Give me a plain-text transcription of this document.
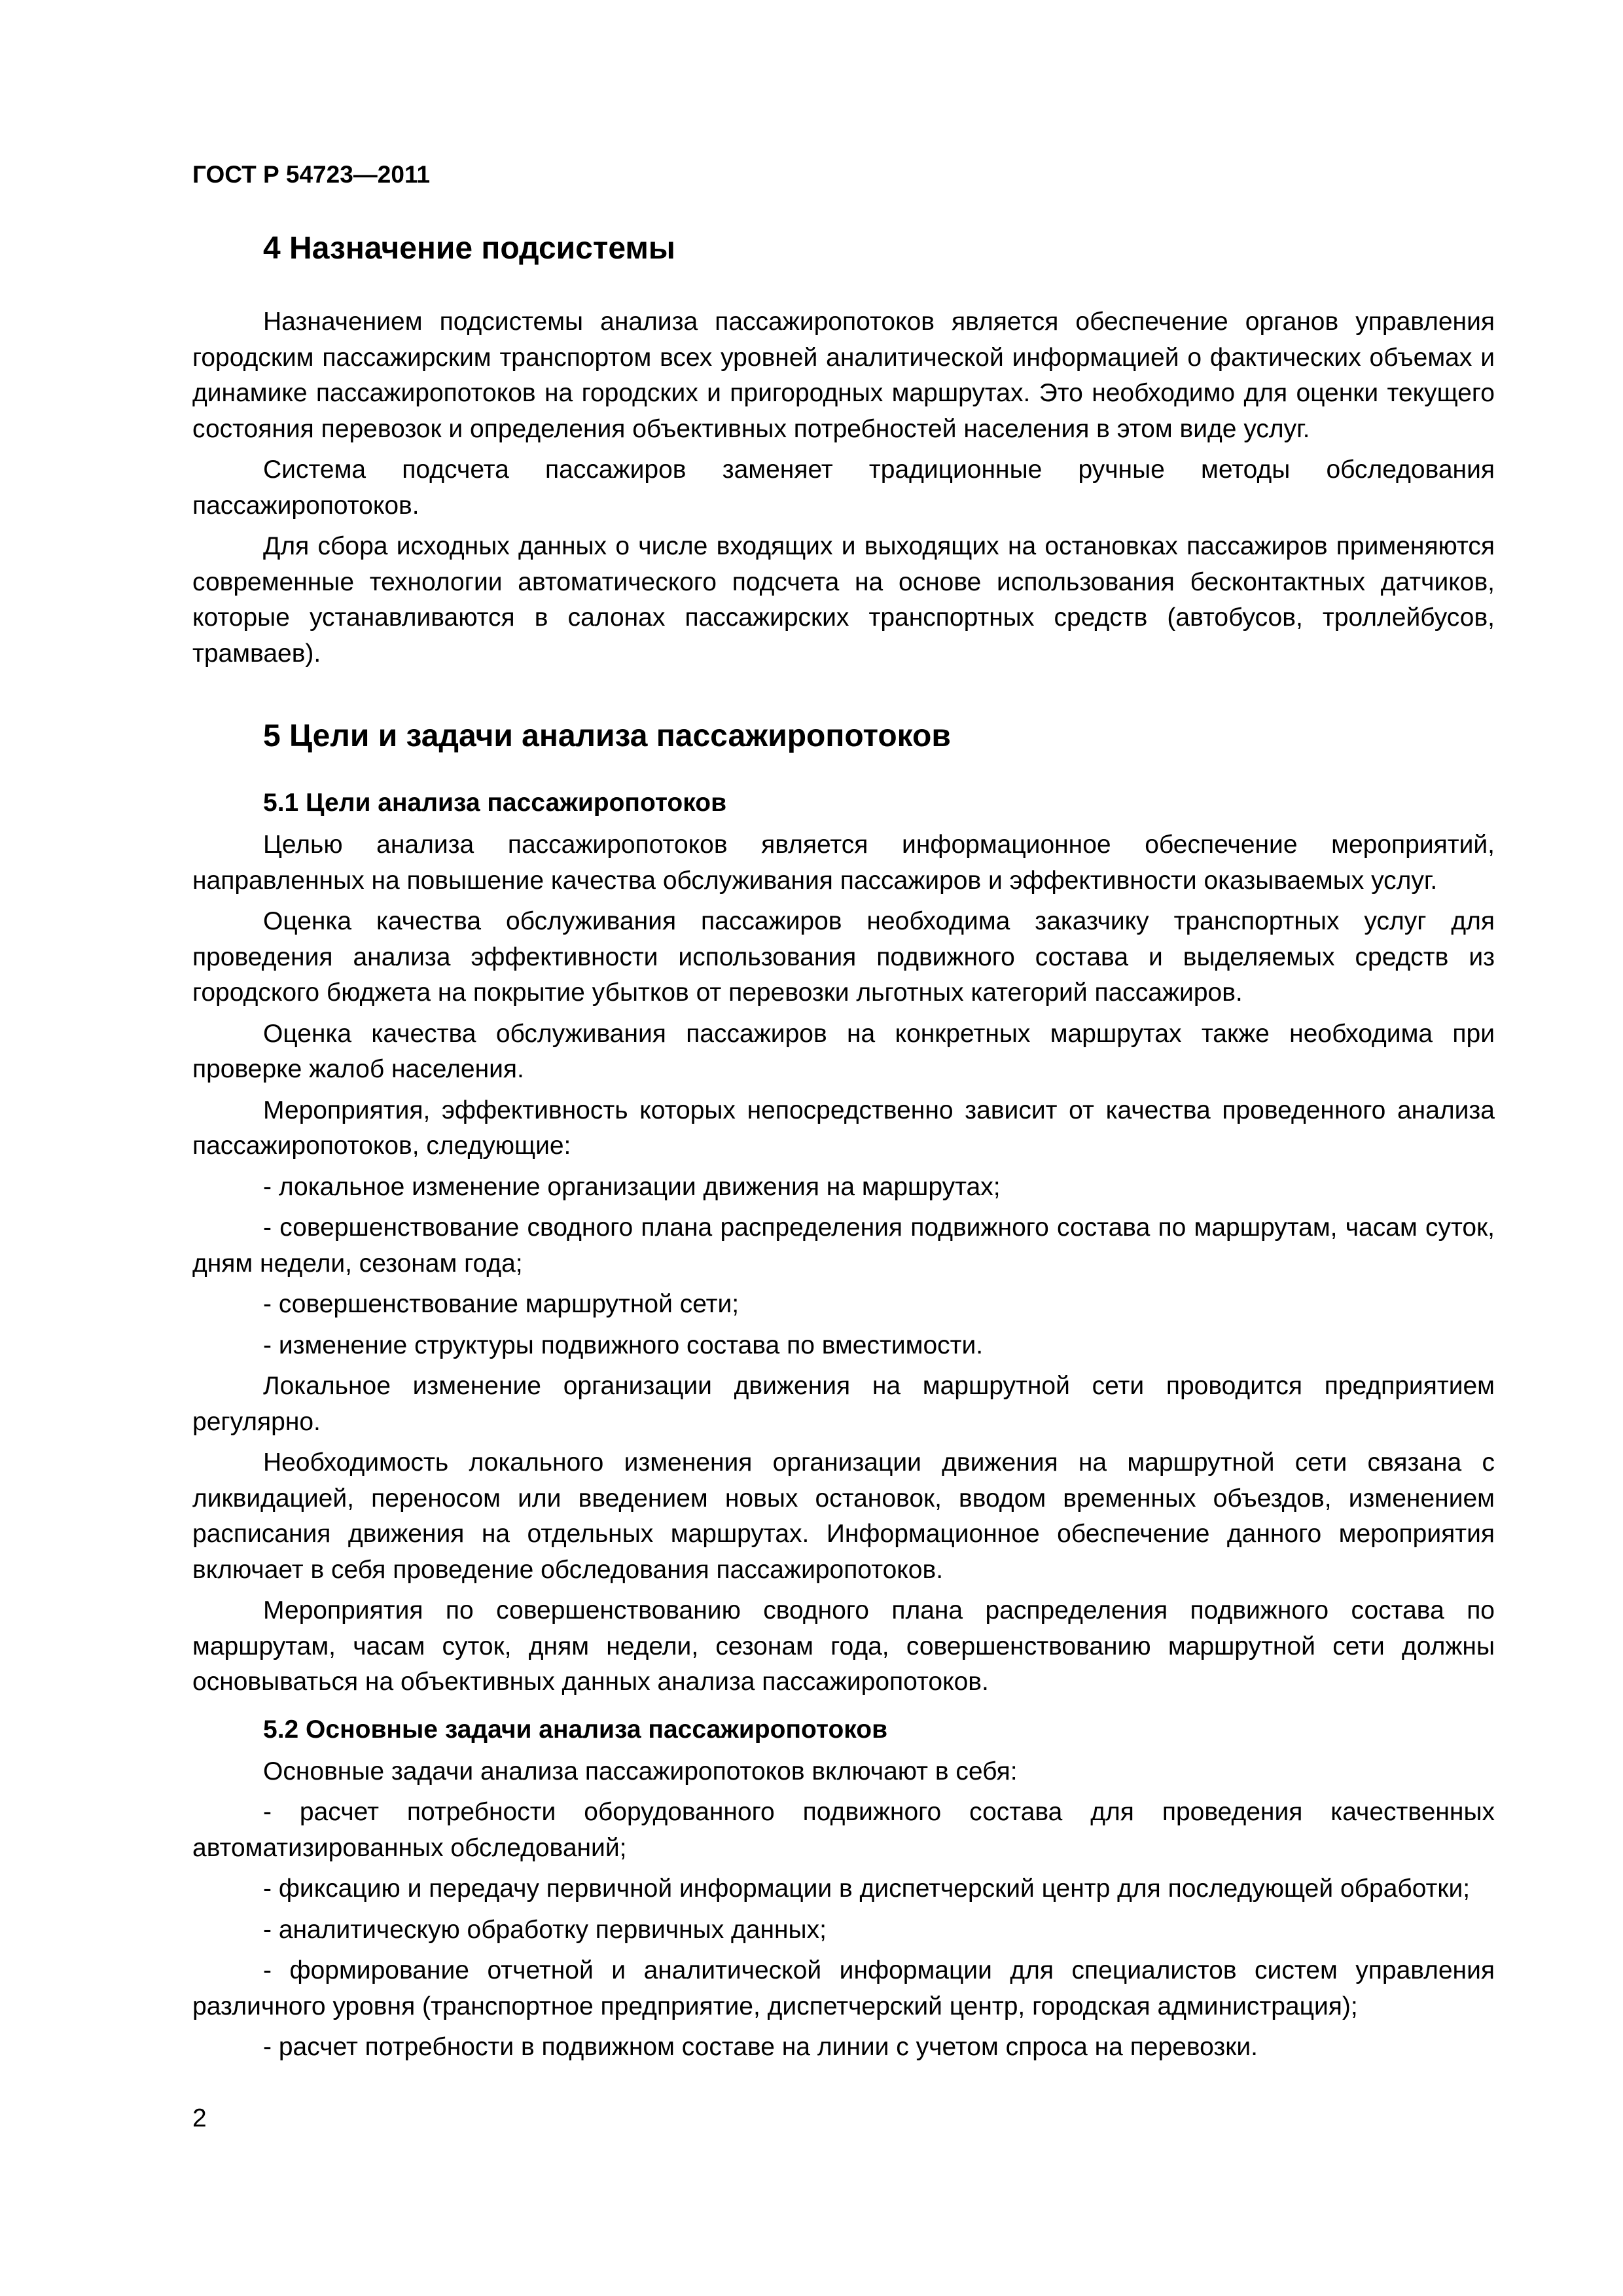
ГОСТ Р 54723—2011
4 Назначение подсистемы

Назначением подсистемы анализа пассажиропотоков является обеспечение органов управления городским пассажирским транспортом всех уровней аналитической информацией о фактических объемах и динамике пассажиропотоков на городских и пригородных маршрутах. Это необходимо для оценки текущего состояния перевозок и определения объективных потребностей населения в этом виде услуг.

Система подсчета пассажиров заменяет традиционные ручные методы обследования пассажиропотоков.

Для сбора исходных данных о числе входящих и выходящих на остановках пассажиров применяются современные технологии автоматического подсчета на основе использования бесконтактных датчиков, которые устанавливаются в салонах пассажирских транспортных средств (автобусов, троллейбусов, трамваев).

5 Цели и задачи анализа пассажиропотоков
5.1 Цели анализа пассажиропотоков

Целью анализа пассажиропотоков является информационное обеспечение мероприятий, направленных на повышение качества обслуживания пассажиров и эффективности оказываемых услуг.

Оценка качества обслуживания пассажиров необходима заказчику транспортных услуг для проведения анализа эффективности использования подвижного состава и выделяемых средств из городского бюджета на покрытие убытков от перевозки льготных категорий пассажиров.

Оценка качества обслуживания пассажиров на конкретных маршрутах также необходима при проверке жалоб населения.

Мероприятия, эффективность которых непосредственно зависит от качества проведенного анализа пассажиропотоков, следующие:

- локальное изменение организации движения на маршрутах;

- совершенствование сводного плана распределения подвижного состава по маршрутам, часам суток, дням недели, сезонам года;

- совершенствование маршрутной сети;

- изменение структуры подвижного состава по вместимости.

Локальное изменение организации движения на маршрутной сети проводится предприятием регулярно.

Необходимость локального изменения организации движения на маршрутной сети связана с ликвидацией, переносом или введением новых остановок, вводом временных объездов, изменением расписания движения на отдельных маршрутах. Информационное обеспечение данного мероприятия включает в себя проведение обследования пассажиропотоков.

Мероприятия по совершенствованию сводного плана распределения подвижного состава по маршрутам, часам суток, дням недели, сезонам года, совершенствованию маршрутной сети должны основываться на объективных данных анализа пассажиропотоков.

5.2 Основные задачи анализа пассажиропотоков

Основные задачи анализа пассажиропотоков включают в себя:

- расчет потребности оборудованного подвижного состава для проведения качественных автоматизированных обследований;

- фиксацию и передачу первичной информации в диспетчерский центр для последующей обработки;

- аналитическую обработку первичных данных;

- формирование отчетной и аналитической информации для специалистов систем управления различного уровня (транспортное предприятие, диспетчерский центр, городская администрация);

- расчет потребности в подвижном составе на линии с учетом спроса на перевозки.

2
